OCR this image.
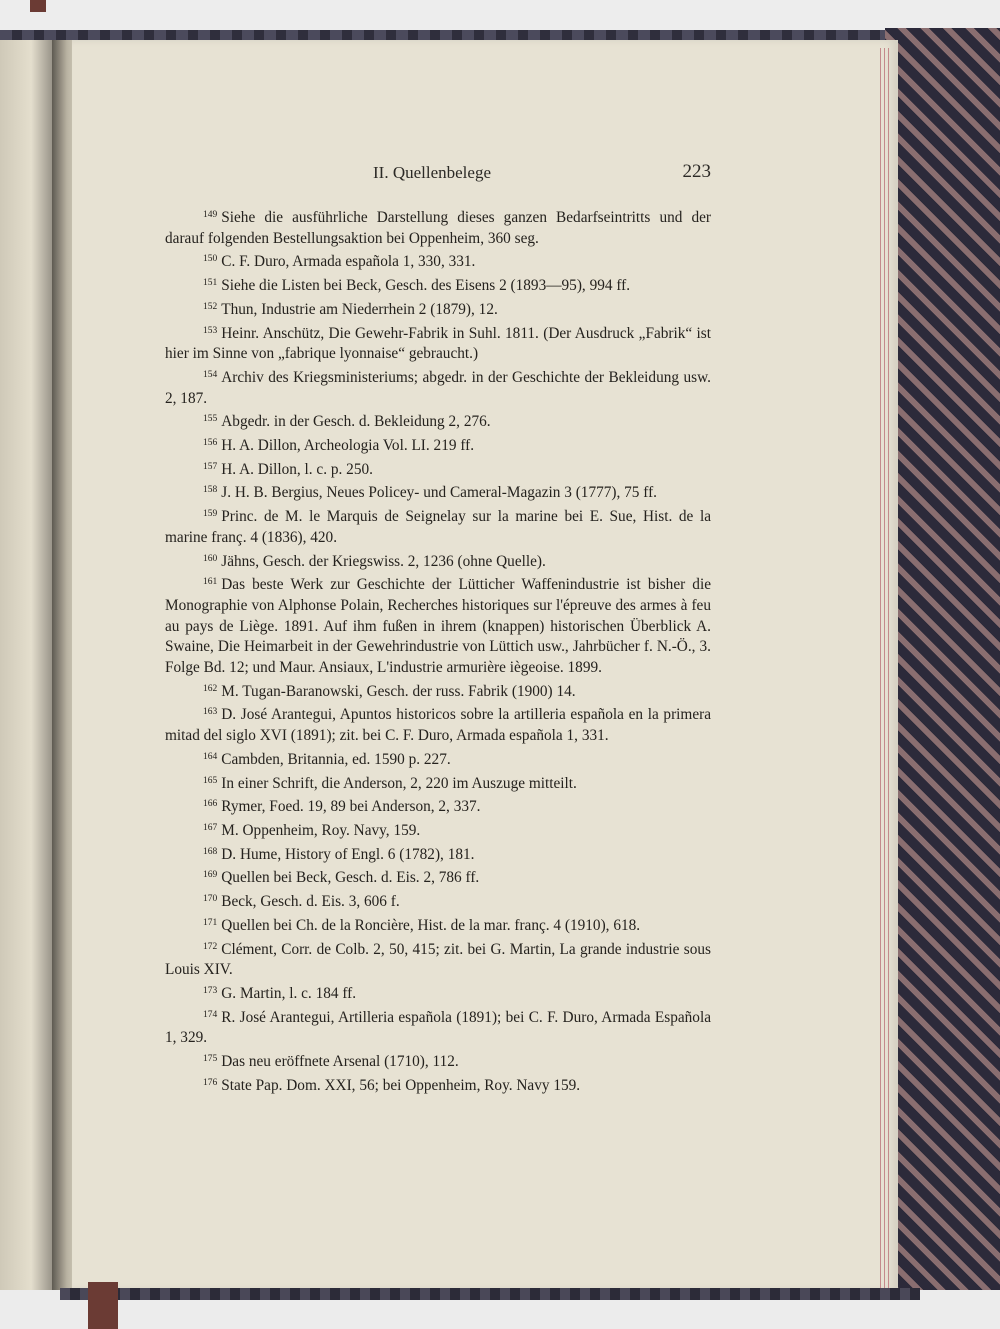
II. Quellenbelege	223

$^{149}$ Siehe die ausführliche Darstellung dieses ganzen Bedarfseintritts und der darauf folgenden Bestellungsaktion bei Oppenheim, 360 seg.

$^{150}$ C. F. Duro, Armada española 1, 330, 331.

$^{151}$ Siehe die Listen bei Beck, Gesch. des Eisens 2 (1893—95), 994 ff.

$^{152}$ Thun, Industrie am Niederrhein 2 (1879), 12.

$^{153}$ Heinr. Anschütz, Die Gewehr-Fabrik in Suhl. 1811. (Der Ausdruck „Fabrik“ ist hier im Sinne von „fabrique lyonnaise“ gebraucht.)

$^{154}$ Archiv des Kriegsministeriums; abgedr. in der Geschichte der Bekleidung usw. 2, 187.

$^{155}$ Abgedr. in der Gesch. d. Bekleidung 2, 276.

$^{156}$ H. A. Dillon, Archeologia Vol. LI. 219 ff.

$^{157}$ H. A. Dillon, l. c. p. 250.

$^{158}$ J. H. B. Bergius, Neues Policey- und Cameral-Magazin 3 (1777), 75 ff.

$^{159}$ Princ. de M. le Marquis de Seignelay sur la marine bei E. Sue, Hist. de la marine franç. 4 (1836), 420.

$^{160}$ Jähns, Gesch. der Kriegswiss. 2, 1236 (ohne Quelle).

$^{161}$ Das beste Werk zur Geschichte der Lütticher Waffenindustrie ist bisher die Monographie von Alphonse Polain, Recherches historiques sur l'épreuve des armes à feu au pays de Liège. 1891. Auf ihm fußen in ihrem (knappen) historischen Überblick A. Swaine, Die Heimarbeit in der Gewehrindustrie von Lüttich usw., Jahrbücher f. N.-Ö., 3. Folge Bd. 12; und Maur. Ansiaux, L'industrie armurière iègeoise. 1899.

$^{162}$ M. Tugan-Baranowski, Gesch. der russ. Fabrik (1900) 14.

$^{163}$ D. José Arantegui, Apuntos historicos sobre la artilleria española en la primera mitad del siglo XVI (1891); zit. bei C. F. Duro, Armada española 1, 331.

$^{164}$ Cambden, Britannia, ed. 1590 p. 227.

$^{165}$ In einer Schrift, die Anderson, 2, 220 im Auszuge mitteilt.

$^{166}$ Rymer, Foed. 19, 89 bei Anderson, 2, 337.

$^{167}$ M. Oppenheim, Roy. Navy, 159.

$^{168}$ D. Hume, History of Engl. 6 (1782), 181.

$^{169}$ Quellen bei Beck, Gesch. d. Eis. 2, 786 ff.

$^{170}$ Beck, Gesch. d. Eis. 3, 606 f.

$^{171}$ Quellen bei Ch. de la Roncière, Hist. de la mar. franç. 4 (1910), 618.

$^{172}$ Clément, Corr. de Colb. 2, 50, 415; zit. bei G. Martin, La grande industrie sous Louis XIV.

$^{173}$ G. Martin, l. c. 184 ff.

$^{174}$ R. José Arantegui, Artilleria española (1891); bei C. F. Duro, Armada Española 1, 329.

$^{175}$ Das neu eröffnete Arsenal (1710), 112.

$^{176}$ State Pap. Dom. XXI, 56; bei Oppenheim, Roy. Navy 159.
